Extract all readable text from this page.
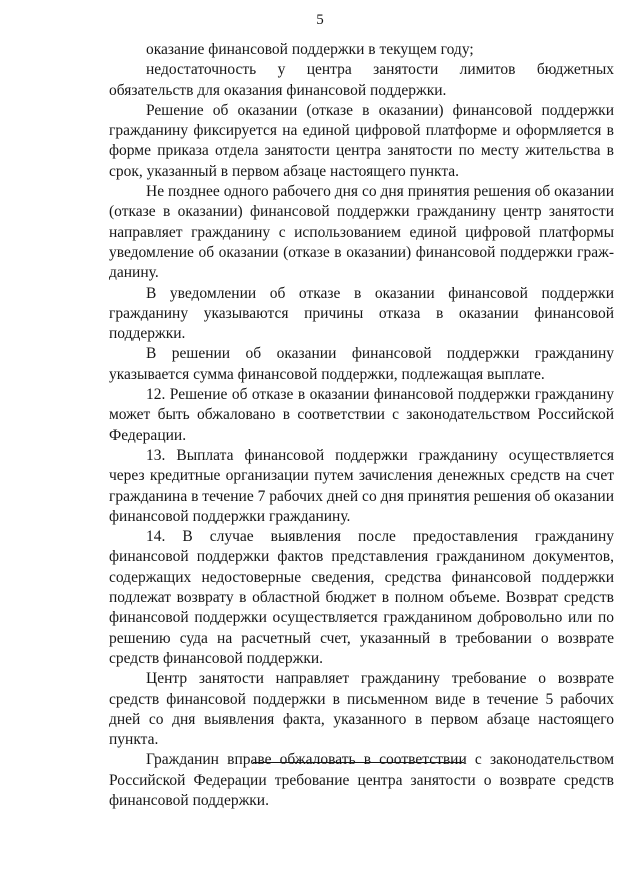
5

оказание финансовой поддержки в текущем году;

недостаточность у центра занятости лимитов бюджетных обязательств для оказания финансовой поддержки.

Решение об оказании (отказе в оказании) финансовой поддержки гражданину фиксируется на единой цифровой платформе и оформляется в форме приказа отдела занятости центра занятости по месту жительства в срок, указанный в первом абзаце настоящего пункта.

Не позднее одного рабочего дня со дня принятия решения об оказании (отказе в оказании) финансовой поддержки гражданину центр занятости направляет гражданину с использованием единой цифровой платформы уведомление об оказании (отказе в оказании) финансовой поддержки гражданину.

В уведомлении об отказе в оказании финансовой поддержки гражданину указываются причины отказа в оказании финансовой поддержки.

В решении об оказании финансовой поддержки гражданину указывается сумма финансовой поддержки, подлежащая выплате.

12. Решение об отказе в оказании финансовой поддержки гражданину может быть обжаловано в соответствии с законодательством Российской Федерации.

13. Выплата финансовой поддержки гражданину осуществляется через кредитные организации путем зачисления денежных средств на счет гражданина в течение 7 рабочих дней со дня принятия решения об оказании финансовой поддержки гражданину.

14. В случае выявления после предоставления гражданину финансовой поддержки фактов представления гражданином документов, содержащих недостоверные сведения, средства финансовой поддержки подлежат возврату в областной бюджет в полном объеме. Возврат средств финансовой поддержки осуществляется гражданином добровольно или по решению суда на расчетный счет, указанный в требовании о возврате средств финансовой поддержки.

Центр занятости направляет гражданину требование о возврате средств финансовой поддержки в письменном виде в течение 5 рабочих дней со дня выявления факта, указанного в первом абзаце настоящего пункта.

Гражданин вправе обжаловать в соответствии с законодательством Российской Федерации требование центра занятости о возврате средств финансовой поддержки.
